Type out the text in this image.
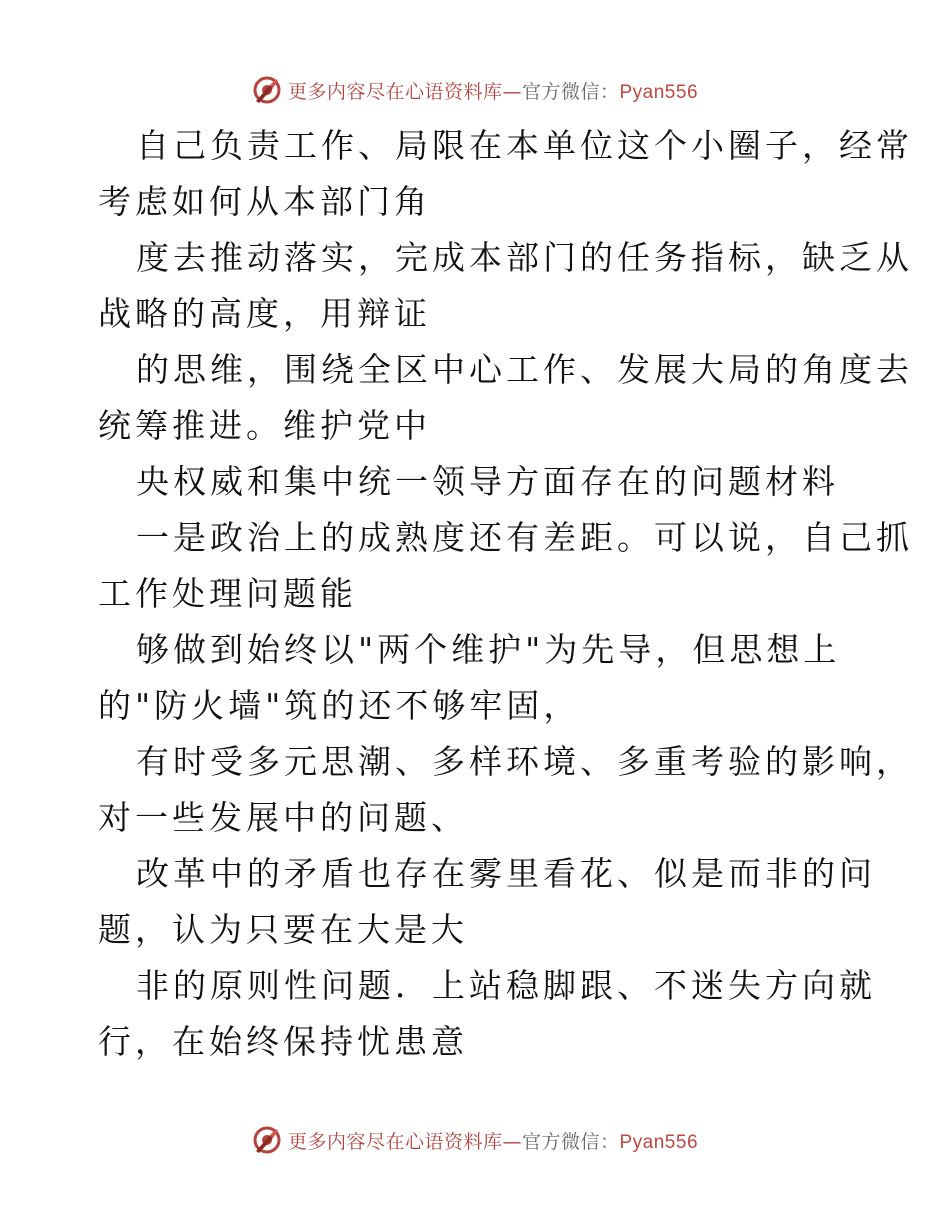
更多内容尽在心语资料库—官方微信：Pyan556
自己负责工作、局限在本单位这个小圈子，经常
考虑如何从本部门角
度去推动落实，完成本部门的任务指标，缺乏从
战略的高度，用辩证
的思维，围绕全区中心工作、发展大局的角度去
统筹推进。维护党中
央权威和集中统一领导方面存在的问题材料
一是政治上的成熟度还有差距。可以说，自己抓
工作处理问题能
够做到始终以"两个维护"为先导，但思想上
的"防火墙"筑的还不够牢固，
有时受多元思潮、多样环境、多重考验的影响，
对一些发展中的问题、
改革中的矛盾也存在雾里看花、似是而非的问
题，认为只要在大是大
非的原则性问题．上站稳脚跟、不迷失方向就
行，在始终保持忧患意
更多内容尽在心语资料库—官方微信：Pyan556
